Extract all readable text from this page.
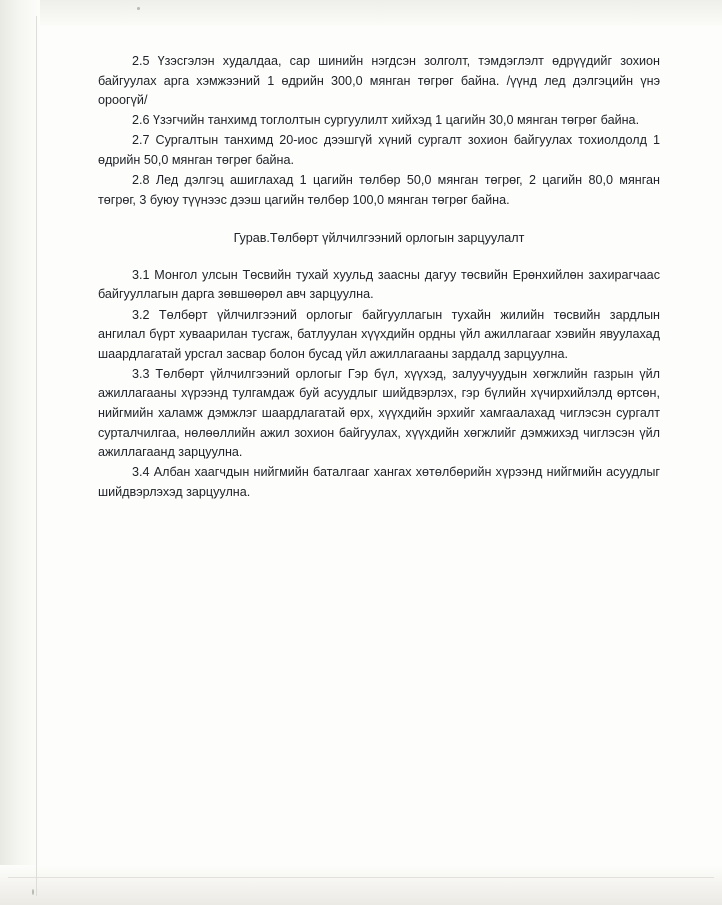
2.5 Үзэсгэлэн худалдаа, сар шинийн нэгдсэн золголт, тэмдэглэлт өдрүүдийг зохион байгуулах арга хэмжээний 1 өдрийн 300,0 мянган төгрөг байна. /үүнд лед дэлгэцийн үнэ ороогүй/

2.6 Үзэгчийн танхимд тоглолтын сургуулилт хийхэд 1 цагийн 30,0 мянган төгрөг байна.

2.7 Сургалтын танхимд 20-иос дээшгүй хүний сургалт зохион байгуулах тохиолдолд 1 өдрийн 50,0 мянган төгрөг байна.

2.8 Лед дэлгэц ашиглахад 1 цагийн төлбөр 50,0 мянган төгрөг, 2 цагийн 80,0 мянган төгрөг, 3 буюу түүнээс дээш цагийн төлбөр 100,0 мянган төгрөг байна.

Гурав.Төлбөрт үйлчилгээний орлогын зарцуулалт

3.1 Монгол улсын Төсвийн тухай хуульд заасны дагуу төсвийн Ерөнхийлөн захирагчаас байгууллагын дарга зөвшөөрөл авч зарцуулна.

3.2 Төлбөрт үйлчилгээний орлогыг байгууллагын тухайн жилийн төсвийн зардлын ангилал бүрт хуваарилан тусгаж, батлуулан хүүхдийн ордны үйл ажиллагааг хэвийн явуулахад шаардлагатай урсгал засвар болон бусад үйл ажиллагааны зардалд зарцуулна.

3.3 Төлбөрт үйлчилгээний орлогыг Гэр бүл, хүүхэд, залуучуудын хөгжлийн газрын үйл ажиллагааны хүрээнд тулгамдаж буй асуудлыг шийдвэрлэх, гэр бүлийн хүчирхийлэлд өртсөн, нийгмийн халамж дэмжлэг шаардлагатай өрх, хүүхдийн эрхийг хамгаалахад чиглэсэн сургалт сурталчилгаа, нөлөөллийн ажил зохион байгуулах, хүүхдийн хөгжлийг дэмжихэд чиглэсэн үйл ажиллагаанд зарцуулна.

3.4 Албан хаагчдын нийгмийн баталгааг хангах хөтөлбөрийн хүрээнд нийгмийн асуудлыг шийдвэрлэхэд зарцуулна.
